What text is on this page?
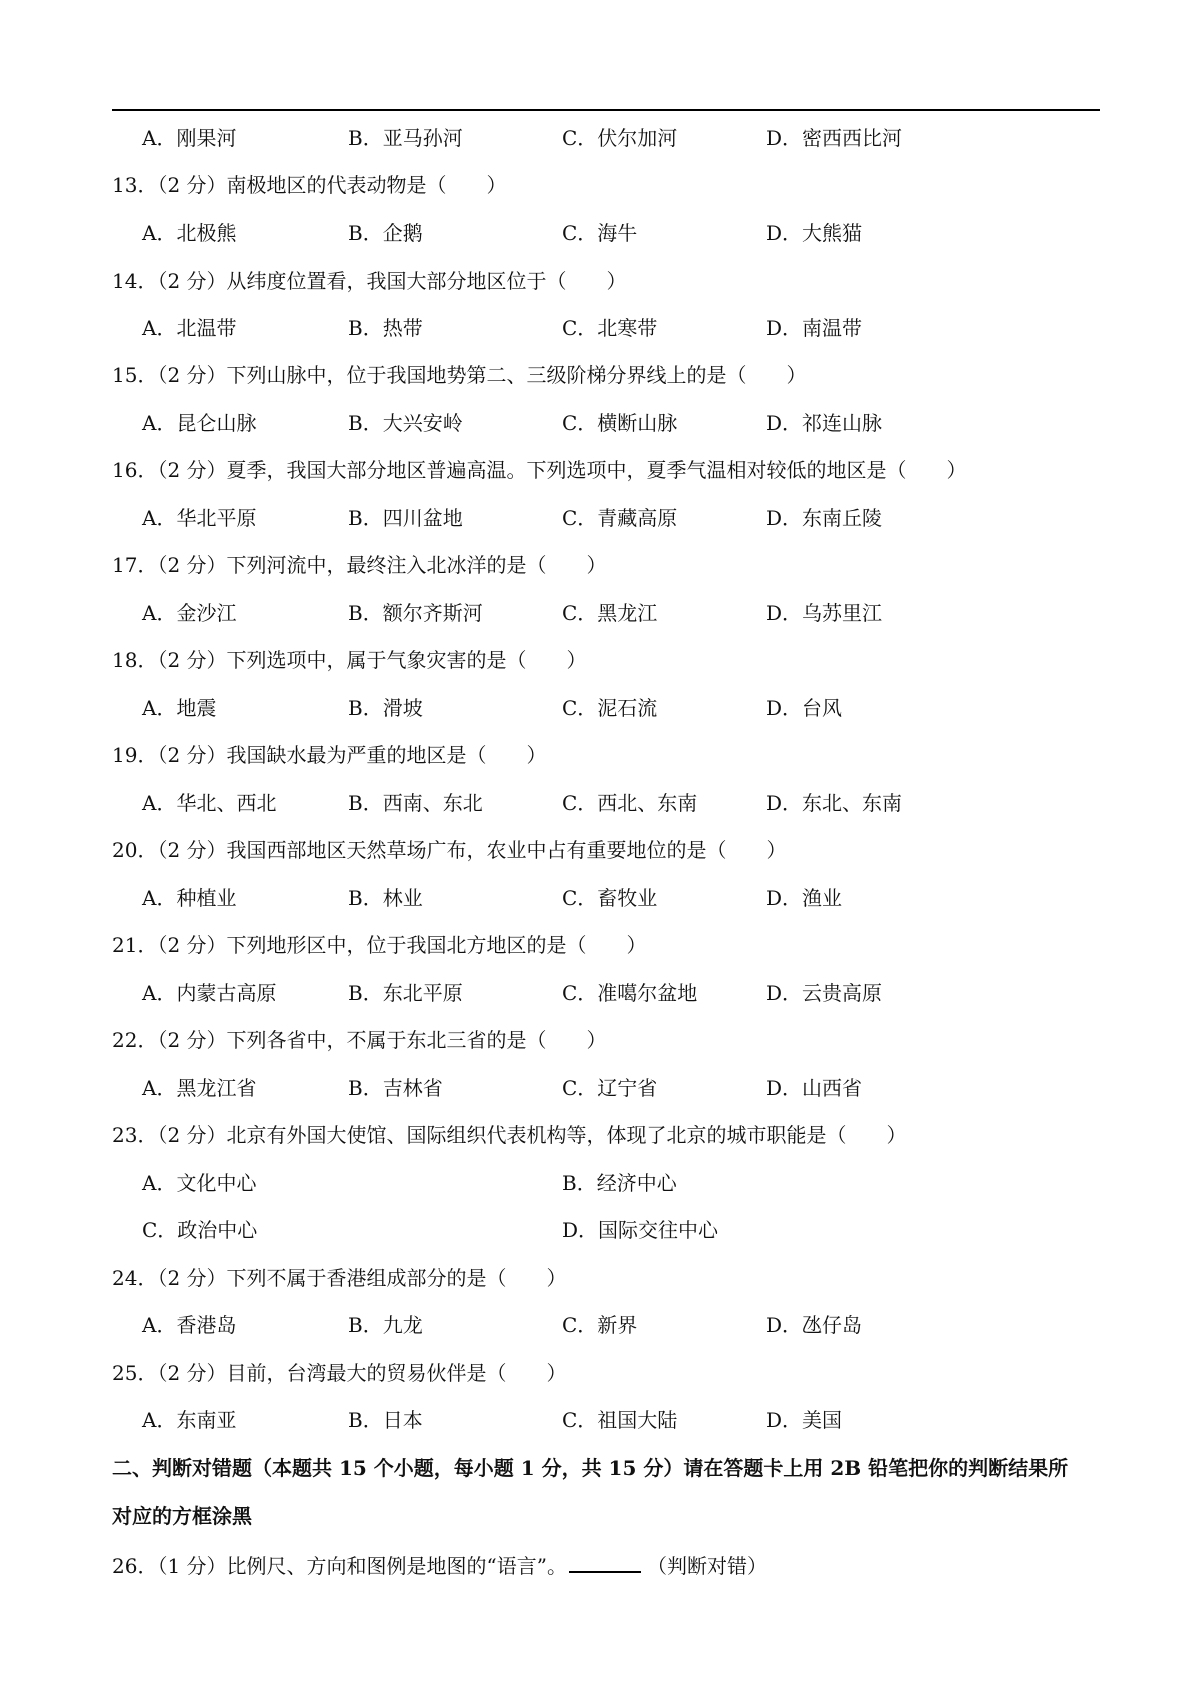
A．刚果河	B．亚马孙河	C．伏尔加河	D．密西西比河
13．（2 分）南极地区的代表动物是（　　）
A．北极熊	B．企鹅	C．海牛	D．大熊猫
14．（2 分）从纬度位置看，我国大部分地区位于（　　）
A．北温带	B．热带	C．北寒带	D．南温带
15．（2 分）下列山脉中，位于我国地势第二、三级阶梯分界线上的是（　　）
A．昆仑山脉	B．大兴安岭	C．横断山脉	D．祁连山脉
16．（2 分）夏季，我国大部分地区普遍高温。下列选项中，夏季气温相对较低的地区是（　　）
A．华北平原	B．四川盆地	C．青藏高原	D．东南丘陵
17．（2 分）下列河流中，最终注入北冰洋的是（　　）
A．金沙江	B．额尔齐斯河	C．黑龙江	D．乌苏里江
18．（2 分）下列选项中，属于气象灾害的是（　　）
A．地震	B．滑坡	C．泥石流	D．台风
19．（2 分）我国缺水最为严重的地区是（　　）
A．华北、西北	B．西南、东北	C．西北、东南	D．东北、东南
20．（2 分）我国西部地区天然草场广布，农业中占有重要地位的是（　　）
A．种植业	B．林业	C．畜牧业	D．渔业
21．（2 分）下列地形区中，位于我国北方地区的是（　　）
A．内蒙古高原	B．东北平原	C．准噶尔盆地	D．云贵高原
22．（2 分）下列各省中，不属于东北三省的是（　　）
A．黑龙江省	B．吉林省	C．辽宁省	D．山西省
23．（2 分）北京有外国大使馆、国际组织代表机构等，体现了北京的城市职能是（　　）
A．文化中心	B．经济中心
C．政治中心	D．国际交往中心
24．（2 分）下列不属于香港组成部分的是（　　）
A．香港岛	B．九龙	C．新界	D．氹仔岛
25．（2 分）目前，台湾最大的贸易伙伴是（　　）
A．东南亚	B．日本	C．祖国大陆	D．美国
二、判断对错题（本题共 15 个小题，每小题 1 分，共 15 分）请在答题卡上用 2B 铅笔把你的判断结果所
对应的方框涂黑
26．（1 分）比例尺、方向和图例是地图的“语言”。	（判断对错）
